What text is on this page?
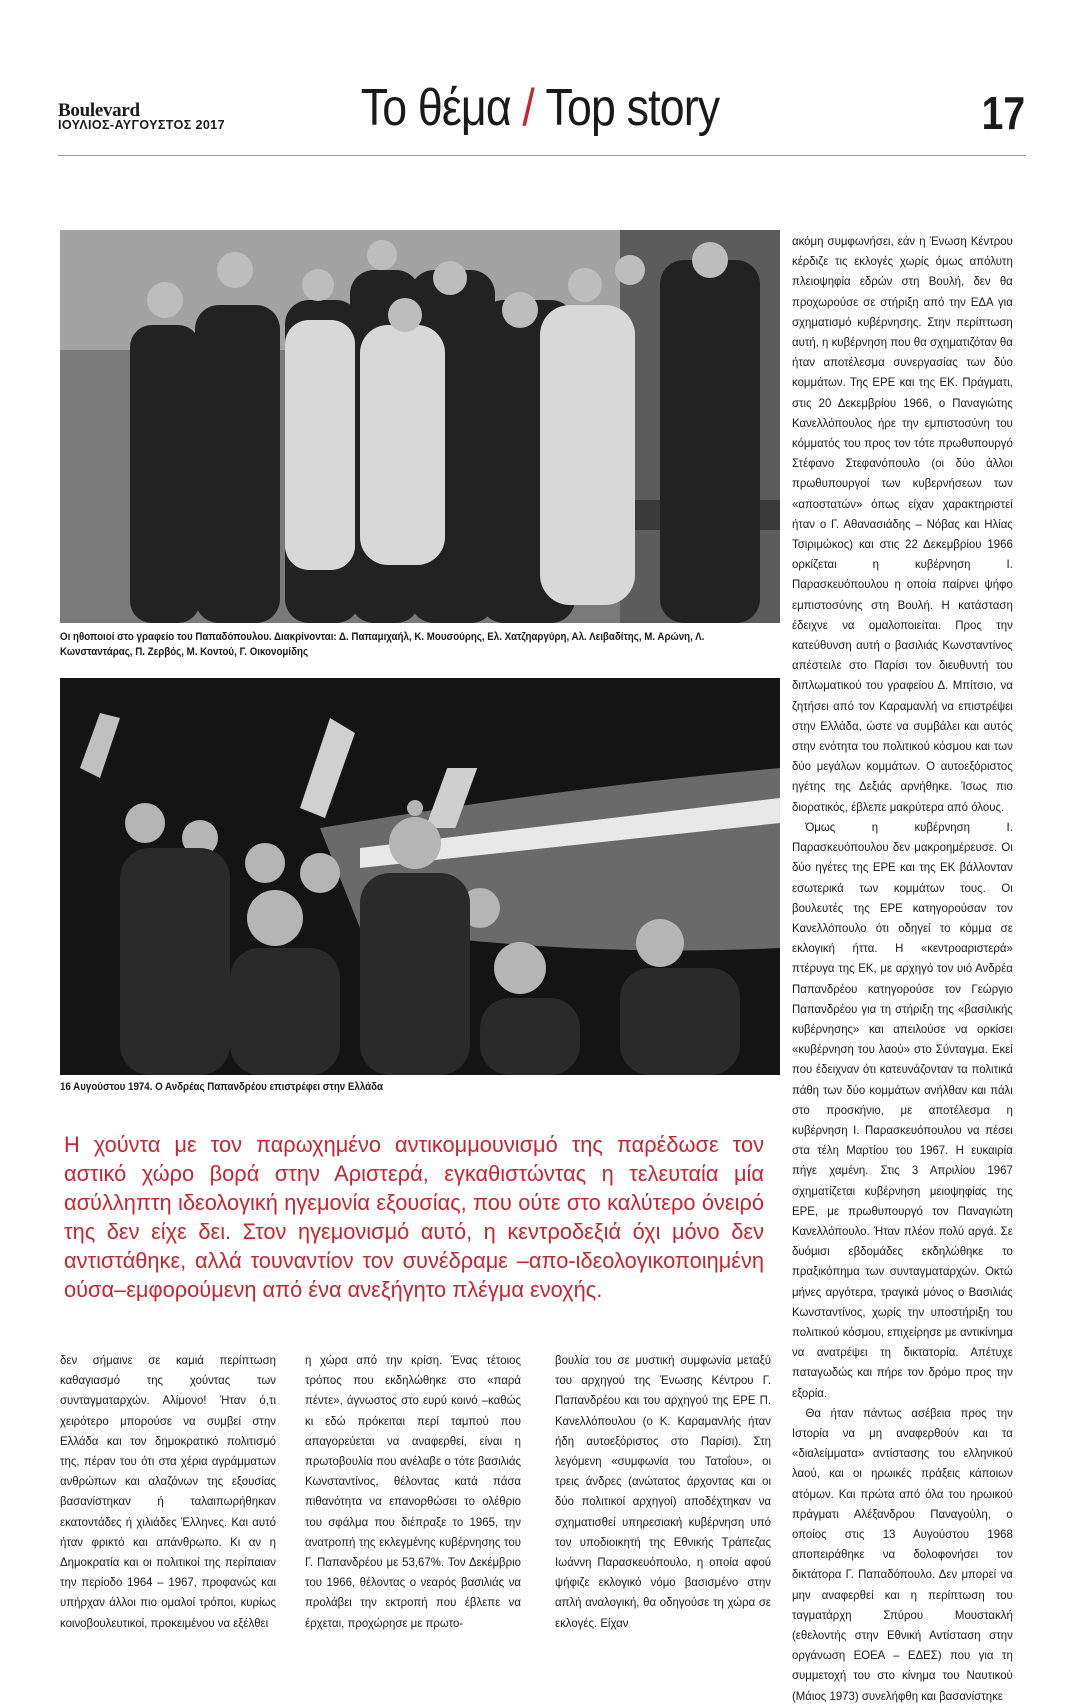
Boulevard
ΙΟΥΛΙΟΣ-ΑΥΓΟΥΣΤΟΣ 2017	Το θέμα / Top story	17
Οι ηθοποιοί στο γραφείο του Παπαδόπουλου. Διακρίνονται: Δ. Παπαμιχαήλ, Κ. Μουσούρης, Ελ. Χατζηαργύρη, Αλ. Λειβαδίτης, Μ. Αρώνη, Λ. Κωνσταντάρας, Π. Ζερβός, Μ. Κοντού, Γ. Οικονομίδης
16 Αυγούστου 1974. Ο Ανδρέας Παπανδρέου επιστρέφει στην Ελλάδα
Η χούντα με τον παρωχημένο αντικομμουνισμό της παρέδωσε τον αστικό χώρο βορά στην Αριστερά, εγκαθιστώντας η τελευταία μία ασύλληπτη ιδεολογική ηγεμονία εξουσίας, που ούτε στο καλύτερο όνειρό της δεν είχε δει. Στον ηγεμονισμό αυτό, η κεντροδεξιά όχι μόνο δεν αντιστάθηκε, αλλά τουναντίον τον συνέδραμε –απο-ιδεολογικοποιημένη ούσα–εμφορούμενη από ένα ανεξήγητο πλέγμα ενοχής.

ακόμη συμφωνήσει, εάν η Ένωση Κέντρου κέρδιζε τις εκλογές χωρίς όμως απόλυτη πλειοψηφία εδρών στη Βουλή, δεν θα προχωρούσε σε στήριξη από την ΕΔΑ για σχηματισμό κυβέρνησης. Στην περίπτωση αυτή, η κυβέρνηση που θα σχηματιζόταν θα ήταν αποτέλεσμα συνεργασίας των δύο κομμάτων. Της ΕΡΕ και της ΕΚ. Πράγματι, στις 20 Δεκεμβρίου 1966, ο Παναγιώτης Κανελλόπουλος ήρε την εμπιστοσύνη του κόμματός του προς τον τότε πρωθυπουργό Στέφανο Στεφανόπουλο (οι δύο άλλοι πρωθυπουργοί των κυβερνήσεων των «αποστατών» όπως είχαν χαρακτηριστεί ήταν ο Γ. Αθανασιάδης – Νόβας και Ηλίας Τσιριμώκος) και στις 22 Δεκεμβρίου 1966 ορκίζεται η κυβέρνηση Ι. Παρασκευόπουλου η οποία παίρνει ψήφο εμπιστοσύνης στη Βουλή. Η κατάσταση έδειχνε να ομαλοποιείται. Προς την κατεύθυνση αυτή ο βασιλιάς Κωνσταντίνος απέστειλε στο Παρίσι τον διευθυντή του διπλωματικού του γραφείου Δ. Μπίτσιο, να ζητήσει από τον Καραμανλή να επιστρέψει στην Ελλάδα, ώστε να συμβάλει και αυτός στην ενότητα του πολιτικού κόσμου και των δύο μεγάλων κομμάτων. Ο αυτοεξόριστος ηγέτης της Δεξιάς αρνήθηκε. Ίσως πιο διορατικός, έβλεπε μακρύτερα από όλους.

Όμως η κυβέρνηση Ι. Παρασκευόπουλου δεν μακροημέρευσε. Οι δύο ηγέτες της ΕΡΕ και της ΕΚ βάλλονταν εσωτερικά των κομμάτων τους. Οι βουλευτές της ΕΡΕ κατηγορούσαν τον Κανελλόπουλο ότι οδηγεί το κόμμα σε εκλογική ήττα. Η «κεντροαριστερά» πτέρυγα της ΕΚ, με αρχηγό τον υιό Ανδρέα Παπανδρέου κατηγορούσε τον Γεώργιο Παπανδρέου για τη στήριξη της «βασιλικής κυβέρνησης» και απειλούσε να ορκίσει «κυβέρνηση του λαού» στο Σύνταγμα. Εκεί που έδειχναν ότι κατευνάζονταν τα πολιτικά πάθη των δύο κομμάτων ανήλθαν και πάλι στο προσκήνιο, με αποτέλεσμα η κυβέρνηση Ι. Παρασκευόπουλου να πέσει στα τέλη Μαρτίου του 1967. Η ευκαιρία πήγε χαμένη. Στις 3 Απριλίου 1967 σχηματίζεται κυβέρνηση μειοψηφίας της ΕΡΕ, με πρωθυπουργό τον Παναγιώτη Κανελλόπουλο. Ήταν πλέον πολύ αργά. Σε δυόμισι εβδομάδες εκδηλώθηκε το πραξικόπημα των συνταγματαρχών. Οκτώ μήνες αργότερα, τραγικά μόνος ο Βασιλιάς Κωνσταντίνος, χωρίς την υποστήριξη του πολιτικού κόσμου, επιχείρησε με αντικίνημα να ανατρέψει τη δικτατορία. Απέτυχε παταγωδώς και πήρε τον δρόμο προς την εξορία.

Θα ήταν πάντως ασέβεια προς την Ιστορία να μη αναφερθούν και τα «διαλείμματα» αντίστασης του ελληνικού λαού, και οι ηρωικές πράξεις κάποιων ατόμων. Και πρώτα από όλα του ηρωικού πράγματι Αλέξανδρου Παναγούλη, ο οποίος στις 13 Αυγούστου 1968 αποπειράθηκε να δολοφονήσει τον δικτάτορα Γ. Παπαδόπουλο. Δεν μπορεί να μην αναφερθεί και η περίπτωση του ταγματάρχη Σπύρου Μουστακλή (εθελοντής στην Εθνική Αντίσταση στην οργάνωση ΕΟΕΑ – ΕΔΕΣ) που για τη συμμετοχή του στο κίνημα του Ναυτικού (Μάιος 1973) συνελήφθη και βασανίστηκε

δεν σήμαινε σε καμιά περίπτωση καθαγιασμό της χούντας των συνταγματαρχών. Αλίμονο! Ήταν ό,τι χειρότερο μπορούσε να συμβεί στην Ελλάδα και τον δημοκρατικό πολιτισμό της, πέραν του ότι στα χέρια αγράμματων ανθρώπων και αλαζόνων της εξουσίας βασανίστηκαν ή ταλαιπωρήθηκαν εκατοντάδες ή χιλιάδες Έλληνες. Και αυτό ήταν φρικτό και απάνθρωπο. Κι αν η Δημοκρατία και οι πολιτικοί της περίπαιαν την περίοδο 1964 – 1967, προφανώς και υπήρχαν άλλοι πιο ομαλοί τρόποι, κυρίως κοινοβουλευτικοί, προκειμένου να εξέλθει

η χώρα από την κρίση. Ένας τέτοιος τρόπος που εκδηλώθηκε στο «παρά πέντε», άγνωστος στο ευρύ κοινό –καθώς κι εδώ πρόκειται περί ταμπού που απαγορεύεται να αναφερθεί, είναι η πρωτοβουλία που ανέλαβε ο τότε βασιλιάς Κωνσταντίνος, θέλοντας κατά πάσα πιθανότητα να επανορθώσει το ολέθριο του σφάλμα που διέπραξε το 1965, την ανατροπή της εκλεγμένης κυβέρνησης του Γ. Παπανδρέου με 53,67%. Τον Δεκέμβριο του 1966, θέλοντας ο νεαρός βασιλιάς να προλάβει την εκτροπή που έβλεπε να έρχεται, προχώρησε με πρωτο-

βουλία του σε μυστική συμφωνία μεταξύ του αρχηγού της Ένωσης Κέντρου Γ. Παπανδρέου και του αρχηγού της ΕΡΕ Π. Κανελλόπουλου (ο Κ. Καραμανλής ήταν ήδη αυτοεξόριστος στο Παρίσι). Στη λεγόμενη «συμφωνία του Τατοΐου», οι τρεις άνδρες (ανώτατος άρχοντας και οι δύο πολιτικοί αρχηγοί) αποδέχτηκαν να σχηματισθεί υπηρεσιακή κυβέρνηση υπό τον υποδιοικητή της Εθνικής Τράπεζας Ιωάννη Παρασκευόπουλο, η οποία αφού ψήφιζε εκλογικό νόμο βασισμένο στην απλή αναλογική, θα οδηγούσε τη χώρα σε εκλογές. Είχαν
